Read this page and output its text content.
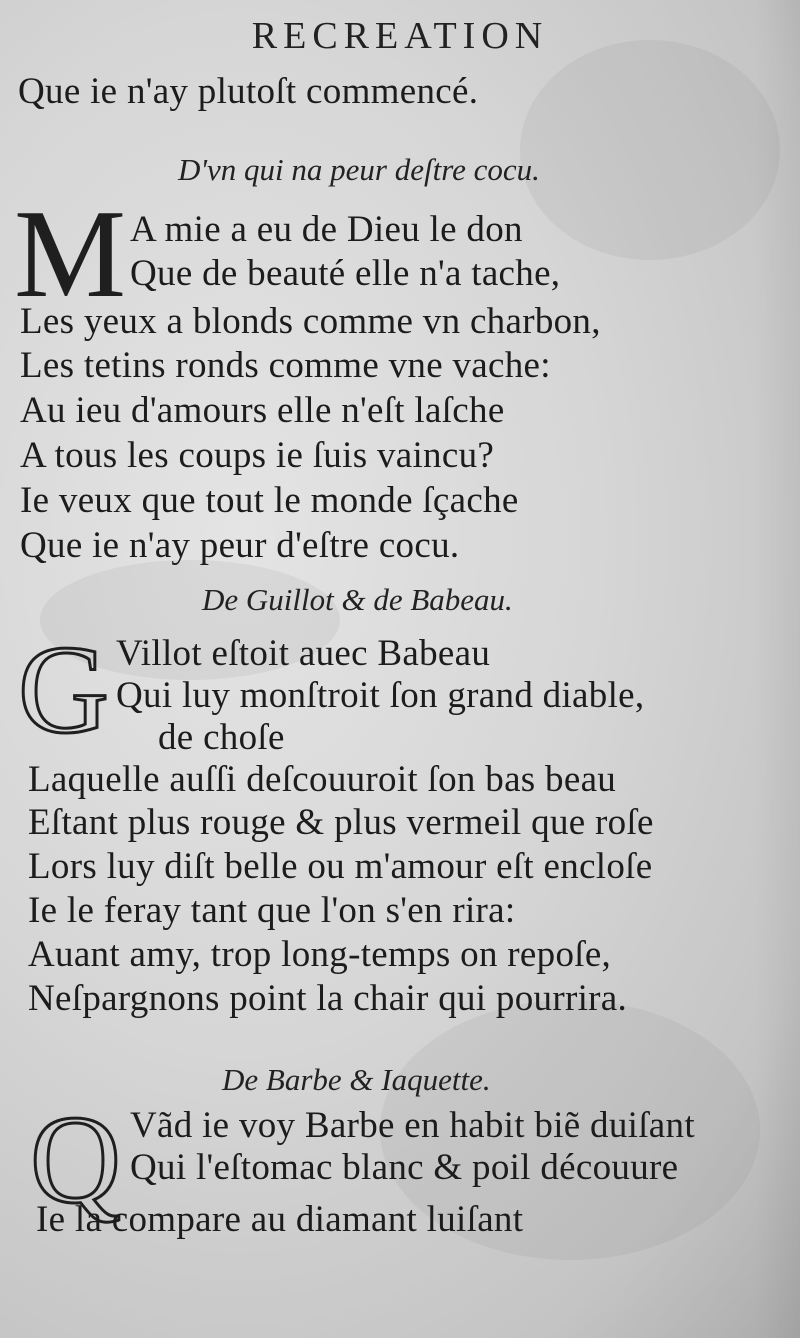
RECREATION
Que ie n'ay plutoſt commencé.
D'vn qui na peur deſtre cocu.
M A mie a eu de Dieu le don
Que de beauté elle n'a tache,
Les yeux a blonds comme vn charbon,
Les tetins ronds comme vne vache:
Au ieu d'amours elle n'eſt laſche
A tous les coups ie ſuis vaincu?
Ie veux que tout le monde ſçache
Que ie n'ay peur d'eſtre cocu.
De Guillot & de Babeau.
G Villot eſtoit auec Babeau
Qui luy monſtroit ſon grand diable,
de choſe
Laquelle auſſi deſcouuroit ſon bas beau
Eſtant plus rouge & plus vermeil que roſe
Lors luy diſt belle ou m'amour eſt encloſe
Ie le feray tant que l'on s'en rira:
Auant amy, trop long-temps on repoſe,
Neſpargnons point la chair qui pourrira.
De Barbe & Iaquette.
Q Vãd ie voy Barbe en habit biẽ duiſant
Qui l'eſtomac blanc & poil découure
Ie la compare au diamant luiſant
